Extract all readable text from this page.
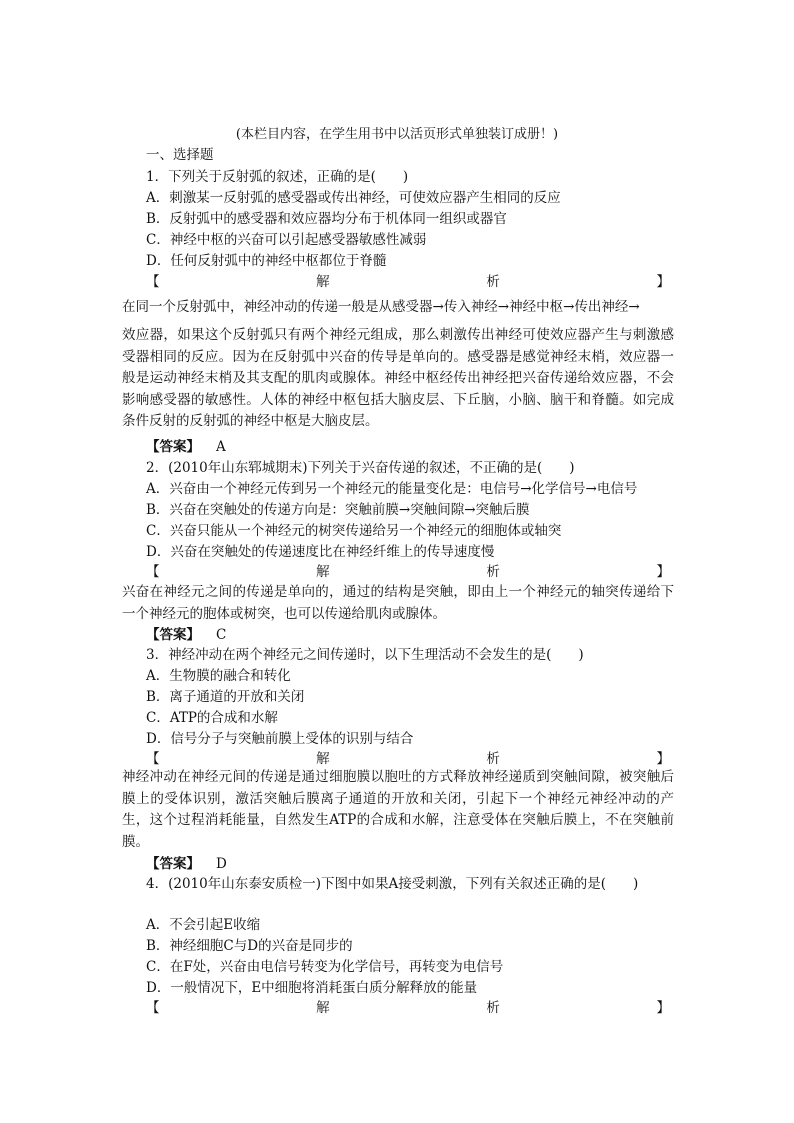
(本栏目内容，在学生用书中以活页形式单独装订成册！)
一、选择题
1．下列关于反射弧的叙述，正确的是(　　)
A．刺激某一反射弧的感受器或传出神经，可使效应器产生相同的反应
B．反射弧中的感受器和效应器均分布于机体同一组织或器官
C．神经中枢的兴奋可以引起感受器敏感性减弱
D．任何反射弧中的神经中枢都位于脊髓
【	解	析	】
在同一个反射弧中，神经冲动的传递一般是从感受器→传入神经→神经中枢→传出神经→

效应器，如果这个反射弧只有两个神经元组成，那么刺激传出神经可使效应器产生与刺激感受器相同的反应。因为在反射弧中兴奋的传导是单向的。感受器是感觉神经末梢，效应器一般是运动神经末梢及其支配的肌肉或腺体。神经中枢经传出神经把兴奋传递给效应器，不会影响感受器的敏感性。人体的神经中枢包括大脑皮层、下丘脑，小脑、脑干和脊髓。如完成条件反射的反射弧的神经中枢是大脑皮层。

【答案】 A
2．(2010年山东郓城期末)下列关于兴奋传递的叙述，不正确的是(　　)
A．兴奋由一个神经元传到另一个神经元的能量变化是：电信号→化学信号→电信号
B．兴奋在突触处的传递方向是：突触前膜→突触间隙→突触后膜
C．兴奋只能从一个神经元的树突传递给另一个神经元的细胞体或轴突
D．兴奋在突触处的传递速度比在神经纤维上的传导速度慢
【	解	析	】

兴奋在神经元之间的传递是单向的，通过的结构是突触，即由上一个神经元的轴突传递给下一个神经元的胞体或树突，也可以传递给肌肉或腺体。

【答案】 C
3．神经冲动在两个神经元之间传递时，以下生理活动不会发生的是(　　)
A．生物膜的融合和转化
B．离子通道的开放和关闭
C．ATP的合成和水解
D．信号分子与突触前膜上受体的识别与结合
【	解	析	】

神经冲动在神经元间的传递是通过细胞膜以胞吐的方式释放神经递质到突触间隙，被突触后膜上的受体识别，激活突触后膜离子通道的开放和关闭，引起下一个神经元神经冲动的产生，这个过程消耗能量，自然发生ATP的合成和水解，注意受体在突触后膜上，不在突触前膜。

【答案】 D
4．(2010年山东泰安质检一)下图中如果A接受刺激，下列有关叙述正确的是(　　)
A．不会引起E收缩
B．神经细胞C与D的兴奋是同步的
C．在F处，兴奋由电信号转变为化学信号，再转变为电信号
D．一般情况下，E中细胞将消耗蛋白质分解释放的能量
【	解	析	】
